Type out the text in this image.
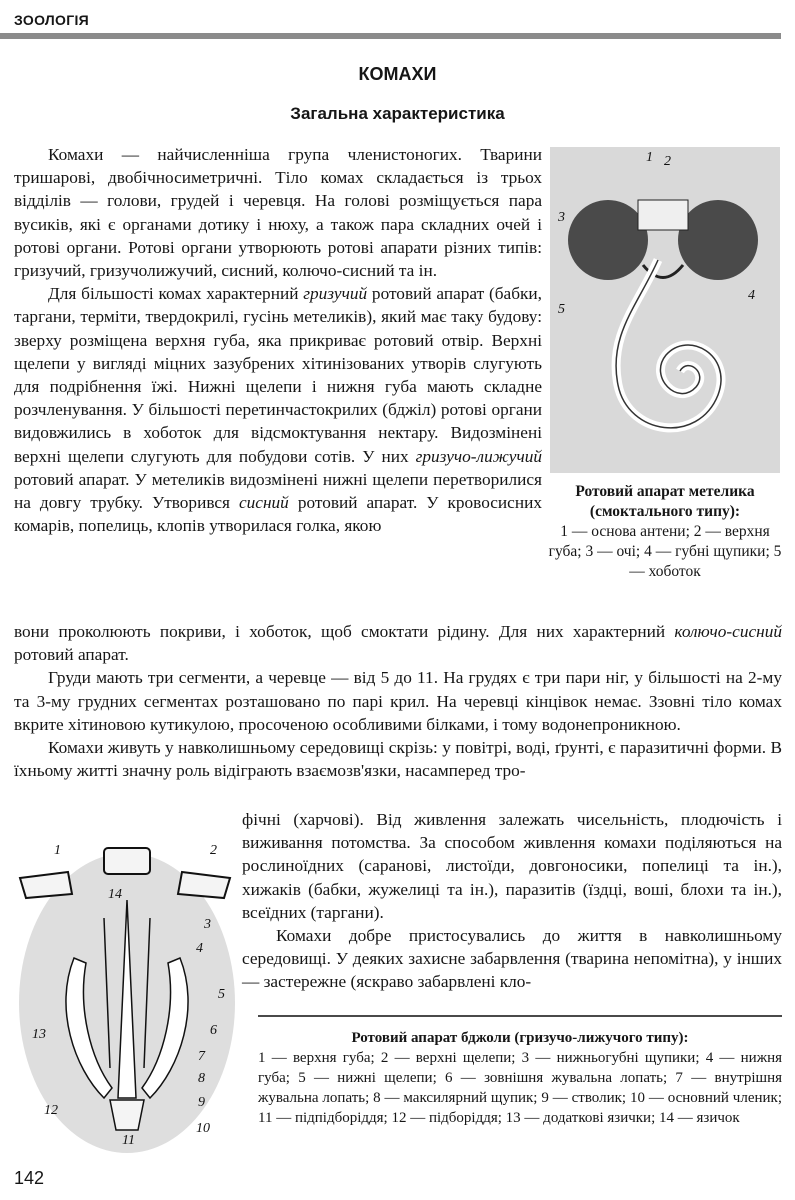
ЗООЛОГІЯ
КОМАХИ
Загальна характеристика

Комахи — найчисленніша група членистоногих. Тварини тришарові, двобічносиметричні. Тіло комах складається із трьох відділів — голови, грудей і черевця. На голові розміщується пара вусиків, які є органами дотику і нюху, а також пара складних очей і ротові органи. Ротові органи утворюють ротові апарати різних типів: гризучий, гризучолижучий, сисний, колючо-сисний та ін.

Для більшості комах характерний гризучий ротовий апарат (бабки, таргани, терміти, твердокрилі, гусінь метеликів), який має таку будову: зверху розміщена верхня губа, яка прикриває ротовий отвір. Верхні щелепи у вигляді міцних зазубрених хітинізованих утворів слугують для подрібнення їжі. Нижні щелепи і нижня губа мають складне розчленування. У більшості перетинчастокрилих (бджіл) ротові органи видовжились в хоботок для відсмоктування нектару. Видозмінені верхні щелепи слугують для побудови сотів. У них гризучо-лижучий ротовий апарат. У метеликів видозмінені нижні щелепи перетворилися на довгу трубку. Утворився сисний ротовий апарат. У кровосисних комарів, попелиць, клопів утворилася голка, якою

вони проколюють покриви, і хоботок, щоб смоктати рідину. Для них характерний колючо-сисний ротовий апарат.

Груди мають три сегменти, а черевце — від 5 до 11. На грудях є три пари ніг, у більшості на 2-му та 3-му грудних сегментах розташовано по парі крил. На черевці кінцівок немає. Ззовні тіло комах вкрите хітиновою кутикулою, просоченою особливими білками, і тому водонепроникною.

Комахи живуть у навколишньому середовищі скрізь: у повітрі, воді, ґрунті, є паразитичні форми. В їхньому житті значну роль відіграють взаємозв'язки, насамперед тро-

фічні (харчові). Від живлення залежать чисельність, плодючість і виживання потомства. За способом живлення комахи поділяються на рослиноїдних (саранові, листоїди, довгоносики, попелиці та ін.), хижаків (бабки, жужелиці та ін.), паразитів (їздці, воші, блохи та ін.), всеїдних (таргани).

Комахи добре пристосувались до життя в навколишньому середовищі. У деяких захисне забарвлення (тварина непомітна), у інших — застережне (яскраво забарвлені кло-

1 2
3
4
5
Ротовий апарат метелика (смоктального типу):
1 — основа антени; 2 — верхня губа; 3 — очі; 4 — губні щупики; 5 — хоботок
1	2
3
4
5
6
7
8
9
10
11
12
13
14
Ротовий апарат бджоли (гризучо-лижучого типу):
1 — верхня губа; 2 — верхні щелепи; 3 — нижньогубні щупики; 4 — нижня губа; 5 — нижні щелепи; 6 — зовнішня жувальна лопать; 7 — внутрішня жувальна лопать; 8 — максилярний щупик; 9 — стволик; 10 — основний членик; 11 — підпідборіддя; 12 — підборіддя; 13 — додаткові язички; 14 — язичок
142
